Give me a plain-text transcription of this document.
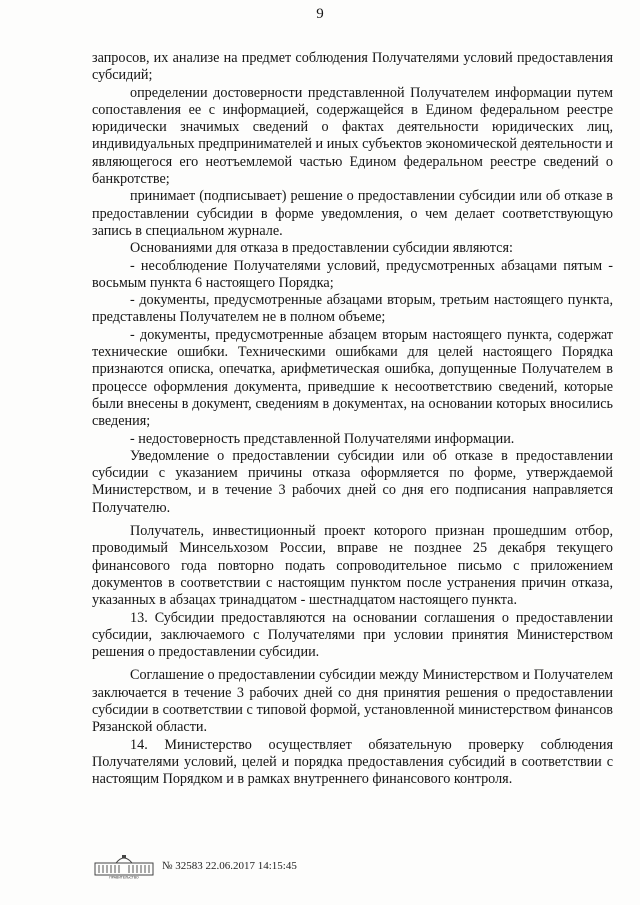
9

запросов, их анализе на предмет соблюдения Получателями условий предоставления субсидий;

определении достоверности представленной Получателем информации путем сопоставления ее с информацией, содержащейся в Едином федеральном реестре юридически значимых сведений о фактах деятельности юридических лиц, индивидуальных предпринимателей и иных субъектов экономической деятельности и являющегося его неотъемлемой частью Едином федеральном реестре сведений о банкротстве;

принимает (подписывает) решение о предоставлении субсидии или об отказе в предоставлении субсидии в форме уведомления, о чем делает соответствующую запись в специальном журнале.

Основаниями для отказа в предоставлении субсидии являются:

- несоблюдение Получателями условий, предусмотренных абзацами пятым - восьмым пункта 6 настоящего Порядка;

- документы, предусмотренные абзацами вторым, третьим настоящего пункта, представлены Получателем не в полном объеме;

- документы, предусмотренные абзацем вторым настоящего пункта, содержат технические ошибки. Техническими ошибками для целей настоящего Порядка признаются описка, опечатка, арифметическая ошибка, допущенные Получателем в процессе оформления документа, приведшие к несоответствию сведений, которые были внесены в документ, сведениям в документах, на основании которых вносились сведения;

- недостоверность представленной Получателями информации.

Уведомление о предоставлении субсидии или об отказе в предоставлении субсидии с указанием причины отказа оформляется по форме, утверждаемой Министерством, и в течение 3 рабочих дней со дня его подписания направляется Получателю.

Получатель, инвестиционный проект которого признан прошедшим отбор, проводимый Минсельхозом России, вправе не позднее 25 декабря текущего финансового года повторно подать сопроводительное письмо с приложением документов в соответствии с настоящим пунктом после устранения причин отказа, указанных в абзацах тринадцатом - шестнадцатом настоящего пункта.

13. Субсидии предоставляются на основании соглашения о предоставлении субсидии, заключаемого с Получателями при условии принятия Министерством решения о предоставлении субсидии.

Соглашение о предоставлении субсидии между Министерством и Получателем заключается в течение 3 рабочих дней со дня принятия решения о предоставлении субсидии в соответствии с типовой формой, установленной министерством финансов Рязанской области.

14. Министерство осуществляет обязательную проверку соблюдения Получателями условий, целей и порядка предоставления субсидий в соответствии с настоящим Порядком и в рамках внутреннего финансового контроля.

ПРАВИТЕЛЬСТВО
№ 32583 22.06.2017 14:15:45
